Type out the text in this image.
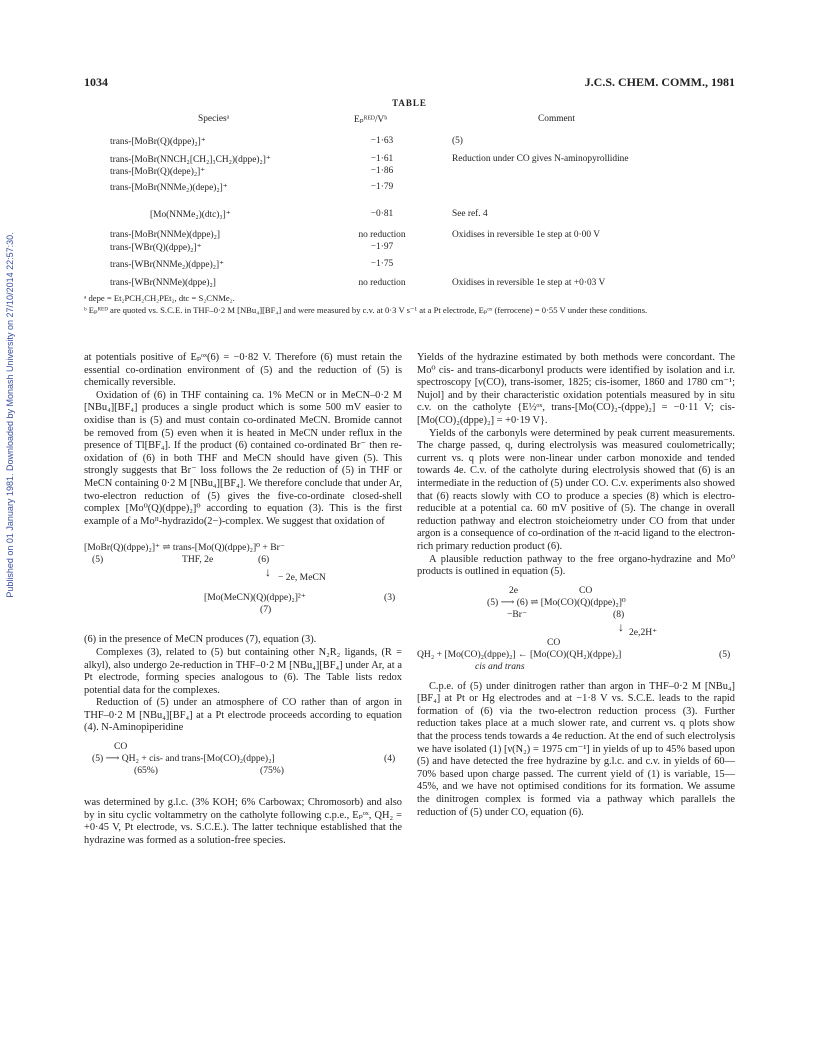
Published on 01 January 1981. Downloaded by Monash University on 27/10/2014 22:57:30.
1034	J.C.S. CHEM. COMM., 1981
TABLE
Speciesᵃ	Eₚᴿᴱᴰ/Vᵇ	Comment
trans-[MoBr(Q)(dppe)₂]⁺	−1·63	(5)
trans-[MoBr(NNCH₂[CH₂]₃CH₂)(dppe)₂]⁺	−1·61	Reduction under CO gives N-aminopyrollidine
trans-[MoBr(Q)(depe)₂]⁺	−1·86
trans-[MoBr(NNMe₂)(depe)₂]⁺	−1·79
[Mo(NNMe₂)(dtc)₃]⁺	−0·81	See ref. 4
trans-[MoBr(NNMe)(dppe)₂]	no reduction	Oxidises in reversible 1e step at 0·00 V
trans-[WBr(Q)(dppe)₂]⁺	−1·97
trans-[WBr(NNMe₂)(dppe)₂]⁺	−1·75
trans-[WBr(NNMe)(dppe)₂]	no reduction	Oxidises in reversible 1e step at +0·03 V
ᵃ depe = Et₂PCH₂CH₂PEt₂, dtc = S₂CNMe₂.
ᵇ Eₚᴿᴱᴰ are quoted vs. S.C.E. in THF–0·2 M [NBu₄][BF₄] and were measured by c.v. at 0·3 V s⁻¹ at a Pt electrode, Eₚᵒˣ (ferrocene) = 0·55 V under these conditions.

at potentials positive of Eₚᵒˣ(6) = −0·82 V. Therefore (6) must retain the essential co-ordination environment of (5) and the reduction of (5) is chemically reversible.

Oxidation of (6) in THF containing ca. 1% MeCN or in MeCN–0·2 M [NBu₄][BF₄] produces a single product which is some 500 mV easier to oxidise than is (5) and must contain co-ordinated MeCN. Bromide cannot be removed from (5) even when it is heated in MeCN under reflux in the presence of Tl[BF₄]. If the product (6) contained co-ordinated Br⁻ then re-oxidation of (6) in both THF and MeCN should have given (5). This strongly suggests that Br⁻ loss follows the 2e reduction of (5) in THF or MeCN containing 0·2 M [NBu₄][BF₄]. We therefore conclude that under Ar, two-electron reduction of (5) gives the five-co-ordinate closed-shell complex [Mo⁰(Q)(dppe)₂]⁰ according to equation (3). This is the first example of a Moᴵᴵ-hydrazido(2−)-complex. We suggest that oxidation of

[MoBr(Q)(dppe)₂]⁺ ⇌ trans-[Mo(Q)(dppe)₂]⁰ + Br⁻
(5)	THF, 2e	(6)
↓ − 2e, MeCN
[Mo(MeCN)(Q)(dppe)₂]²⁺
(7)
(3)

(6) in the presence of MeCN produces (7), equation (3).

Complexes (3), related to (5) but containing other N₂R₂ ligands, (R = alkyl), also undergo 2e-reduction in THF–0·2 M [NBu₄][BF₄] under Ar, at a Pt electrode, forming species analogous to (6). The Table lists redox potential data for the complexes.

Reduction of (5) under an atmosphere of CO rather than of argon in THF–0·2 M [NBu₄][BF₄] at a Pt electrode proceeds according to equation (4). N-Aminopiperidine

CO
(5) ⟶ QH₂ + cis- and trans-[Mo(CO)₂(dppe)₂]	(4)
(65%)	(75%)

was determined by g.l.c. (3% KOH; 6% Carbowax; Chromosorb) and also by in situ cyclic voltammetry on the catholyte following c.p.e., Eₚᵒˣ, QH₂ = +0·45 V, Pt electrode, vs. S.C.E.). The latter technique established that the hydrazine was formed as a solution-free species.

Yields of the hydrazine estimated by both methods were concordant. The Mo⁰ cis- and trans-dicarbonyl products were identified by isolation and i.r. spectroscopy [ν(CO), trans-isomer, 1825; cis-isomer, 1860 and 1780 cm⁻¹; Nujol] and by their characteristic oxidation potentials measured by in situ c.v. on the catholyte {E½ᵒˣ, trans-[Mo(CO)₂-(dppe)₂] = −0·11 V; cis-[Mo(CO)₂(dppe)₂] = +0·19 V}.

Yields of the carbonyls were determined by peak current measurements. The charge passed, q, during electrolysis was measured coulometrically; current vs. q plots were non-linear under carbon monoxide and tended towards 4e. C.v. of the catholyte during electrolysis showed that (6) is an intermediate in the reduction of (5) under CO. C.v. experiments also showed that (6) reacts slowly with CO to produce a species (8) which is electro-reducible at a potential ca. 60 mV positive of (5). The change in overall reduction pathway and electron stoicheiometry under CO from that under argon is a consequence of co-ordination of the π-acid ligand to the electron-rich primary reduction product (6).

A plausible reduction pathway to the free organo-hydrazine and Mo⁰ products is outlined in equation (5).

2e	CO
(5) ⟶ (6) ⇌ [Mo(CO)(Q)(dppe)₂]⁰
−Br⁻	(8)
↓ 2e,2H⁺
CO
QH₂ + [Mo(CO)₂(dppe)₂] ← [Mo(CO)(QH₂)(dppe)₂]	(5)
cis and trans

C.p.e. of (5) under dinitrogen rather than argon in THF–0·2 M [NBu₄][BF₄] at Pt or Hg electrodes and at −1·8 V vs. S.C.E. leads to the rapid formation of (6) via the two-electron reduction process (3). Further reduction takes place at a much slower rate, and current vs. q plots show that the process tends towards a 4e reduction. At the end of such electrolysis we have isolated (1) [ν(N₂) = 1975 cm⁻¹] in yields of up to 45% based upon (5) and have detected the free hydrazine by g.l.c. and c.v. in yields of 60—70% based upon charge passed. The current yield of (1) is variable, 15—45%, and we have not optimised conditions for its formation. We assume the dinitrogen complex is formed via a pathway which parallels the reduction of (5) under CO, equation (6).
